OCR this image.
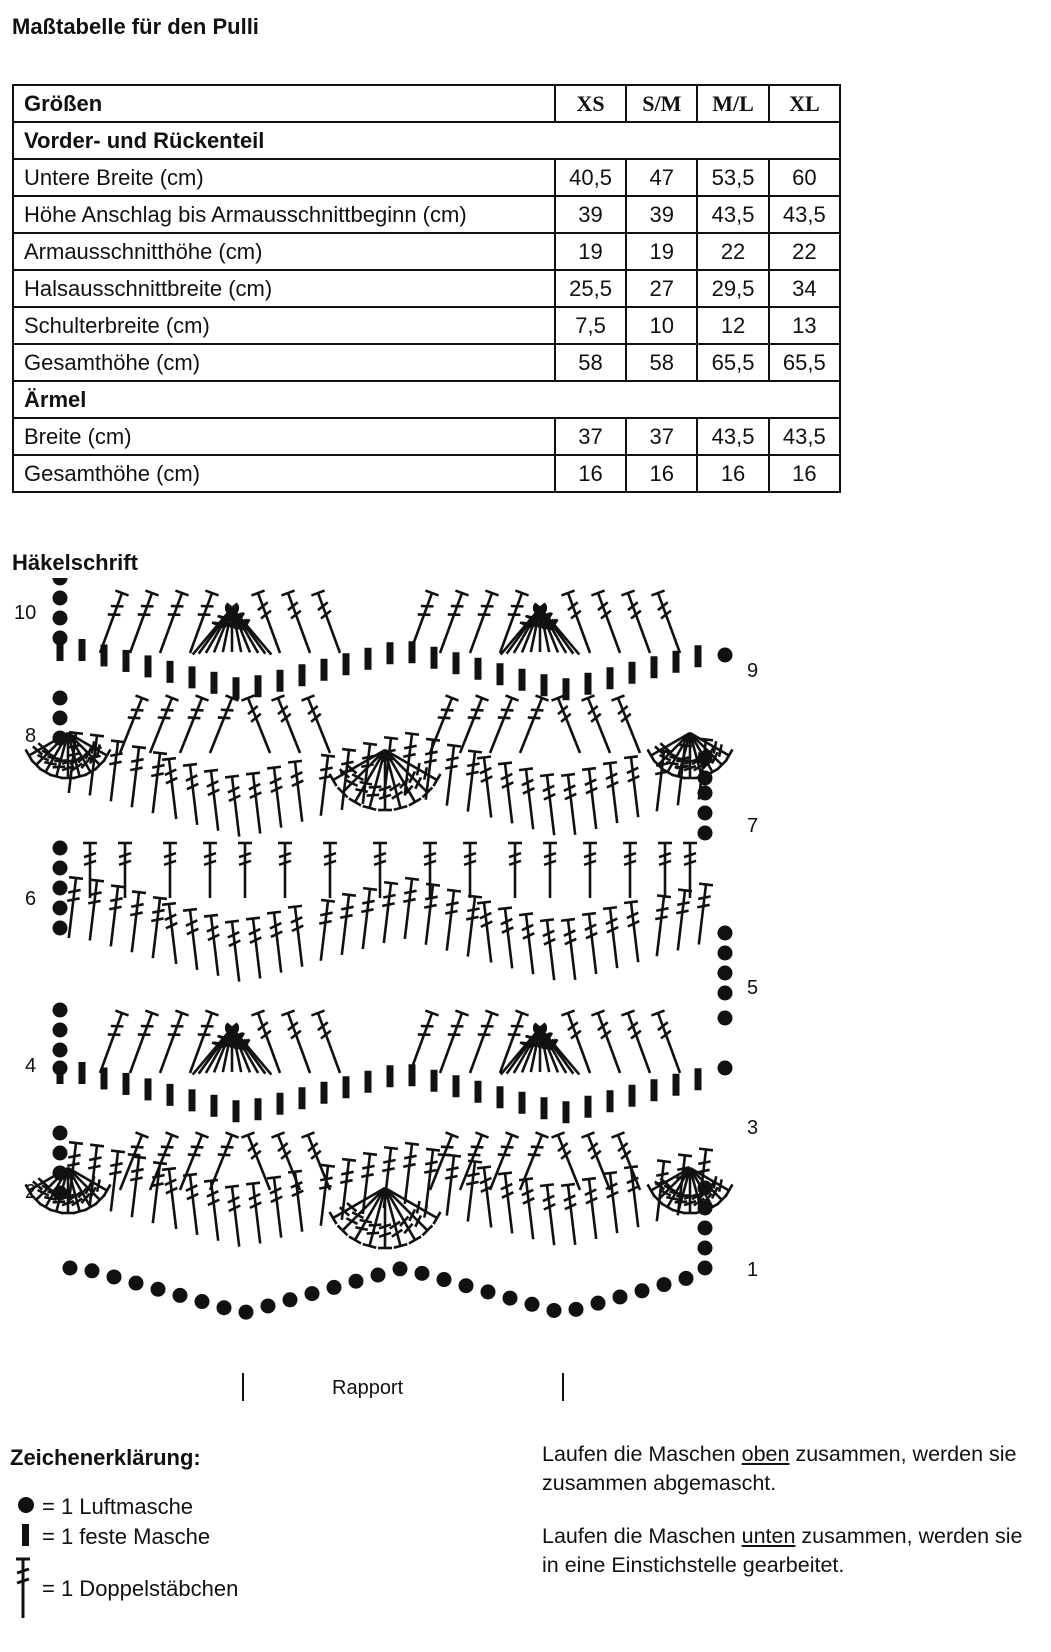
Maßtabelle für den Pulli
Größen	XS	S/M	M/L	XL
Vorder- und Rückenteil				
Untere Breite (cm)	40,5	47	53,5	60
Höhe Anschlag bis Armausschnittbeginn (cm)	39	39	43,5	43,5
Armausschnitthöhe (cm)	19	19	22	22
Halsausschnittbreite (cm)	25,5	27	29,5	34
Schulterbreite (cm)	7,5	10	12	13
Gesamthöhe (cm)	58	58	65,5	65,5
Ärmel				
Breite (cm)	37	37	43,5	43,5
Gesamthöhe (cm)	16	16	16	16
Häkelschrift
10
8
6
4
2
9
7
5
3
1
Rapport
Zeichenerklärung:
= 1 Luftmasche
= 1 feste Masche
= 1 Doppelstäbchen
Laufen die Maschen oben zusammen, werden sie zusammen abgemascht.
Laufen die Maschen unten zusammen, werden sie in eine Einstichstelle gearbeitet.
